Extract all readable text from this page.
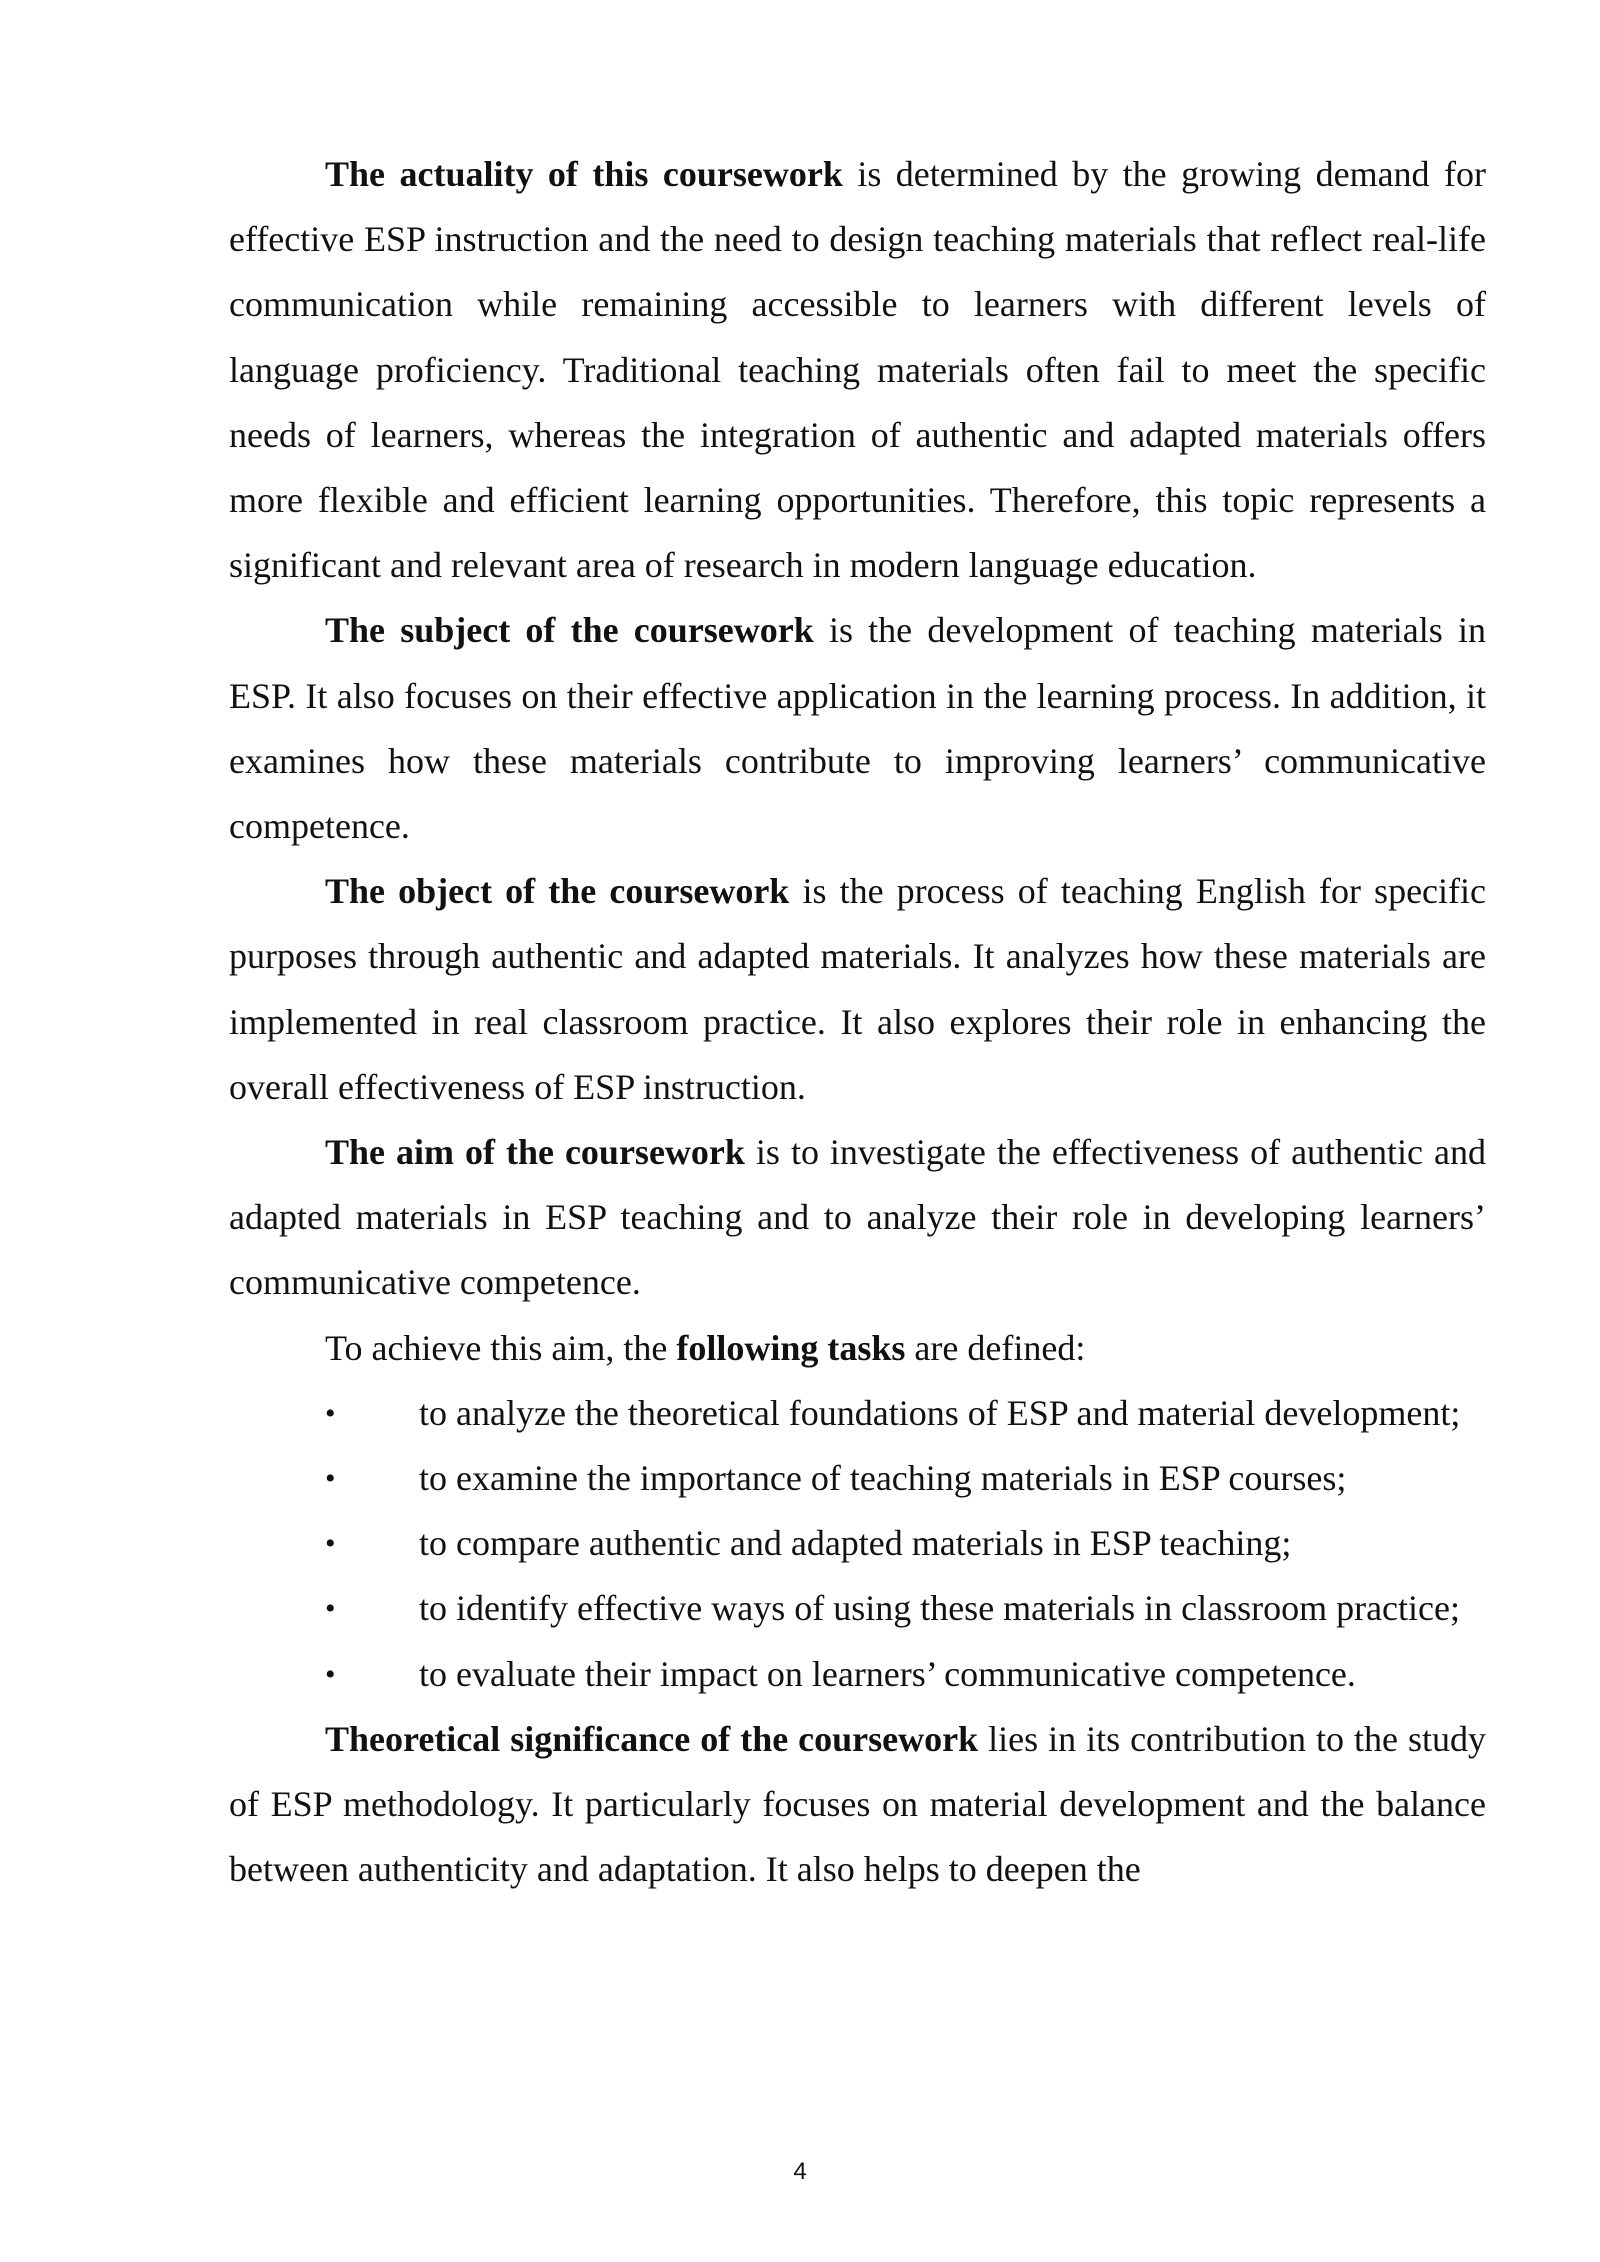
The actuality of this coursework is determined by the growing demand for effective ESP instruction and the need to design teaching materials that reflect real-life communication while remaining accessible to learners with different levels of language proficiency. Traditional teaching materials often fail to meet the specific needs of learners, whereas the integration of authentic and adapted materials offers more flexible and efficient learning opportunities. Therefore, this topic represents a significant and relevant area of research in modern language education.

The subject of the coursework is the development of teaching materials in ESP. It also focuses on their effective application in the learning process. In addition, it examines how these materials contribute to improving learners’ communicative competence.

The object of the coursework is the process of teaching English for specific purposes through authentic and adapted materials. It analyzes how these materials are implemented in real classroom practice. It also explores their role in enhancing the overall effectiveness of ESP instruction.

The aim of the coursework is to investigate the effectiveness of authentic and adapted materials in ESP teaching and to analyze their role in developing learners’ communicative competence.

To achieve this aim, the following tasks are defined:

•	to analyze the theoretical foundations of ESP and material development;

•	to examine the importance of teaching materials in ESP courses;

•	to compare authentic and adapted materials in ESP teaching;

•	to identify effective ways of using these materials in classroom practice;

•	to evaluate their impact on learners’ communicative competence.

Theoretical significance of the coursework lies in its contribution to the study of ESP methodology. It particularly focuses on material development and the balance between authenticity and adaptation. It also helps to deepen the

4
